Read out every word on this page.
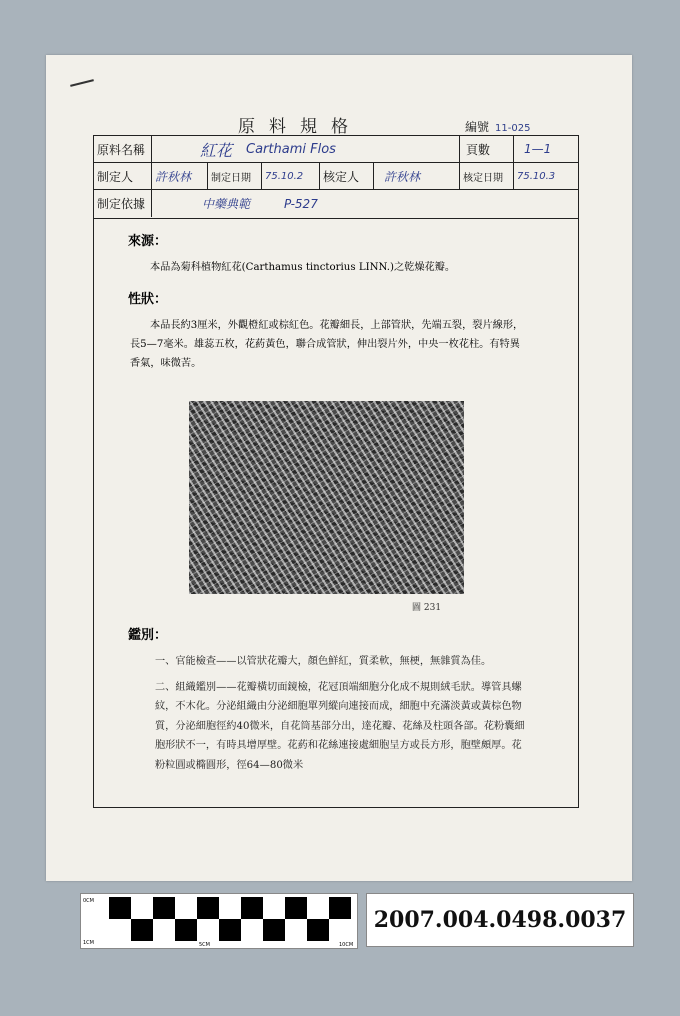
原料規格	編號 11-025
原料名稱	紅花 Carthami Flos	頁數	1—1
制定人	許秋林	制定日期	75.10.2 核定人	許秋林	核定日期	75.10.3
制定依據	中藥典範	P-527

來源：

本品為菊科植物紅花(Carthamus tinctorius LINN.)之乾燥花瓣。

性狀：

本品長約3厘米，外觀橙紅或棕紅色。花瓣細長，上部管狀，先端五裂，裂片線形，長5—7毫米。雄蕊五枚，花葯黃色，聯合成管狀，伸出裂片外，中央一枚花柱。有特異香氣，味微苦。

圖 231

鑑別：

一、官能檢查——以管狀花瓣大，顏色鮮紅，質柔軟，無梗，無雜質為佳。
二、組織鑑別——花瓣橫切面鏡檢，花冠頂端細胞分化成不規則絨毛狀。導管具螺紋，不木化。分泌組織由分泌細胞單列縱向連接而成，細胞中充滿淡黃或黃棕色物質，分泌細胞徑約40微米，自花筒基部分出，達花瓣、花絲及柱頭各部。花粉囊細胞形狀不一，有時具增厚壁。花葯和花絲連接處細胞呈方或長方形，胞壁頗厚。花粉粒圓或橢圓形，徑64—80微米
0CM
1CM	5CM	10CM
2007.004.0498.0037
